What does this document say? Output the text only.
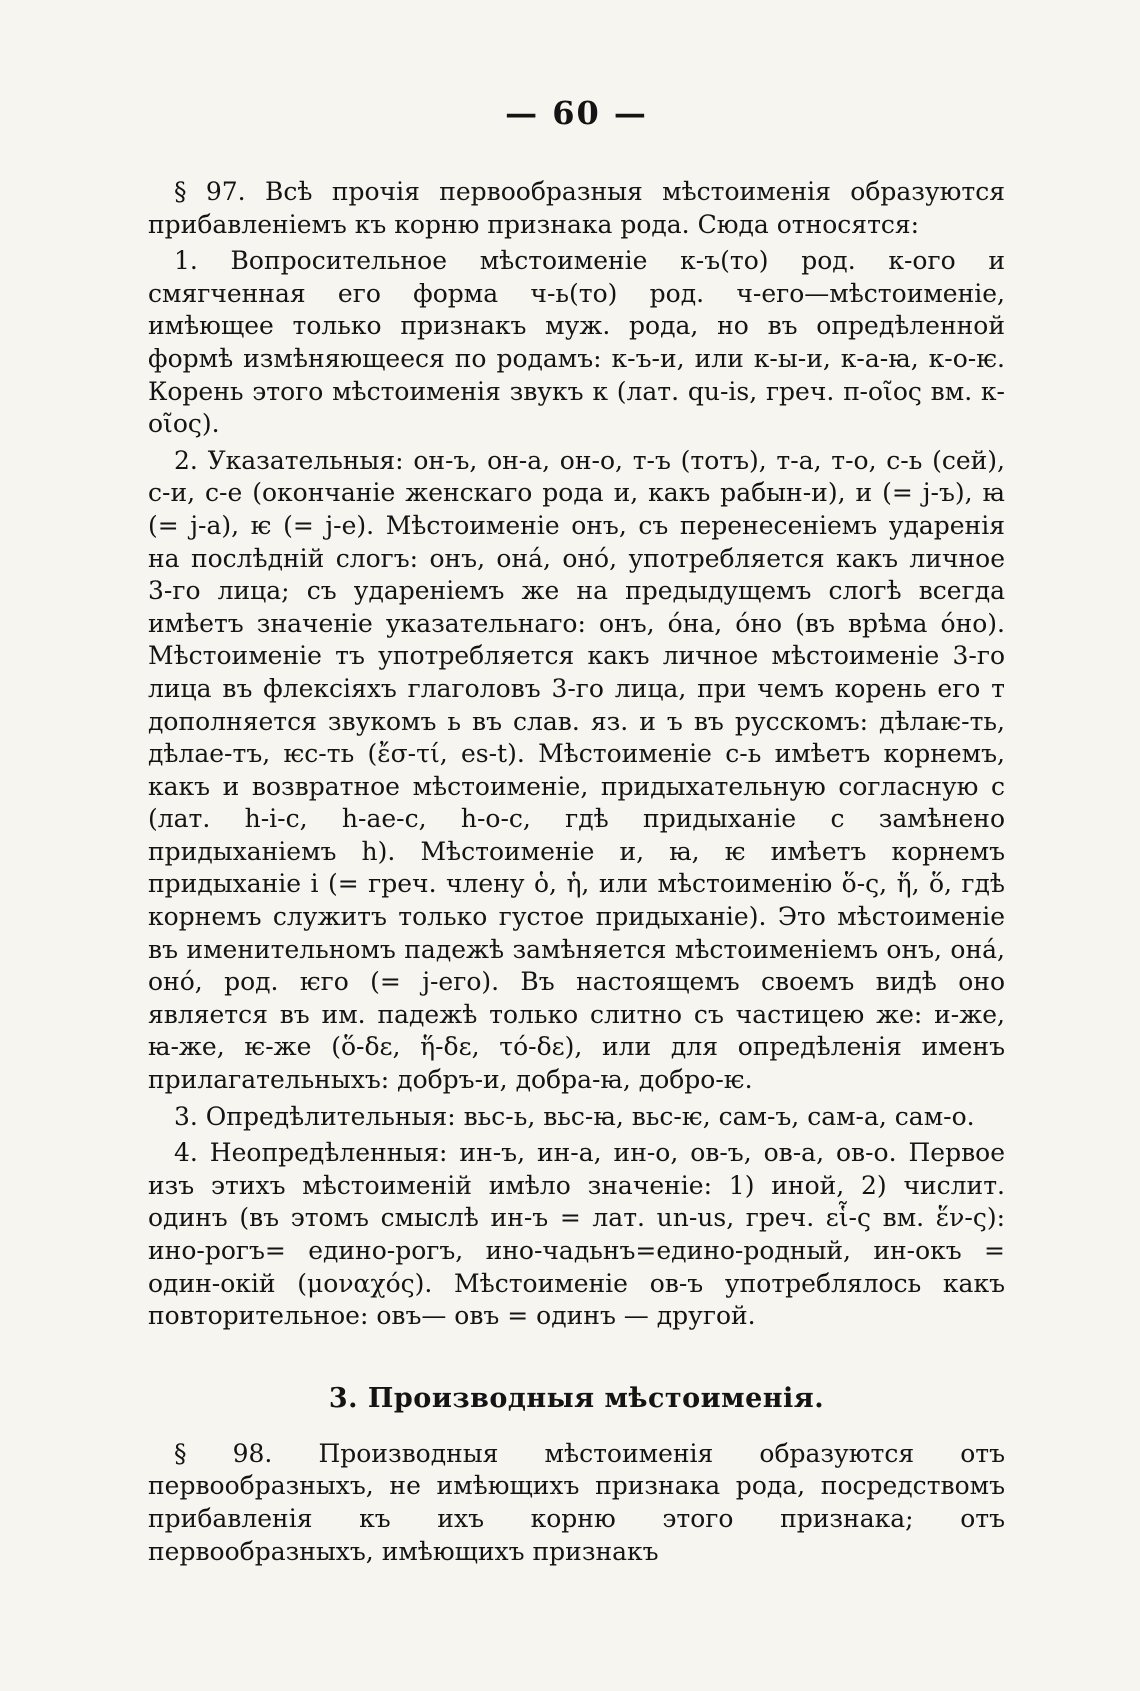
— 60 —

§ 97. Всѣ прочія первообразныя мѣстоименія образуются прибавленіемъ къ корню признака рода. Сюда относятся:

1. Вопросительное мѣстоименіе к-ъ(то) род. к-ого и смягченная его форма ч-ь(то) род. ч-его—мѣстоименіе, имѣющее только признакъ муж. рода, но въ опредѣленной формѣ измѣняющееся по родамъ: к-ъ-и, или к-ы-и, к-а-ꙗ, к-о-ѥ. Корень этого мѣстоименія звукъ к (лат. qu-is, греч. π-οῖος вм. κ-οῖος).

2. Указательныя: он-ъ, он-а, он-о, т-ъ (тотъ), т-а, т-о, с-ь (сей), с-и, с-е (окончаніе женскаго рода и, какъ рабын-и), и (= j-ъ), ꙗ (= j-а), ѥ (= j-е). Мѣстоименіе онъ, съ перенесеніемъ ударенія на послѣдній слогъ: онъ, она́, оно́, употребляется какъ личное 3-го лица; съ удареніемъ же на предыдущемъ слогѣ всегда имѣетъ значеніе указательнаго: онъ, о́на, о́но (въ врѣма о́но). Мѣстоименіе тъ употребляется какъ личное мѣстоименіе 3-го лица въ флексіяхъ глаголовъ 3-го лица, при чемъ корень его т дополняется звукомъ ь въ слав. яз. и ъ въ русскомъ: дѣлаѥ-ть, дѣлае-тъ, ѥс-ть (ἔσ-τί, es-t). Мѣстоименіе с-ь имѣетъ корнемъ, какъ и возвратное мѣстоименіе, придыхательную согласную с (лат. h-i-c, h-ae-c, h-o-c, гдѣ придыханіе с замѣнено придыханіемъ h). Мѣстоименіе и, ꙗ, ѥ имѣетъ корнемъ придыханіе і (= греч. члену ὁ, ἡ, или мѣстоименію ὅ-ς, ἥ, ὅ, гдѣ корнемъ служитъ только густое придыханіе). Это мѣстоименіе въ именительномъ падежѣ замѣняется мѣстоименіемъ онъ, она́, оно́, род. ѥго (= j-его). Въ настоящемъ своемъ видѣ оно является въ им. падежѣ только слитно съ частицею же: и-же, ꙗ-же, ѥ-же (ὅ-δε, ἥ-δε, τό-δε), или для опредѣленія именъ прилагательныхъ: добръ-и, добра-ꙗ, добро-ѥ.

3. Опредѣлительныя: вьс-ь, вьс-ꙗ, вьс-ѥ, сам-ъ, сам-а, сам-о.

4. Неопредѣленныя: ин-ъ, ин-а, ин-о, ов-ъ, ов-а, ов-о. Первое изъ этихъ мѣстоименій имѣло значеніе: 1) иной, 2) числит. одинъ (въ этомъ смыслѣ ин-ъ = лат. un-us, греч. εἷ-ς вм. ἕν-ς): ино-рогъ= едино-рогъ, ино-чадьнъ=едино-родный, ин-окъ = один-окій (μοναχός). Мѣстоименіе ов-ъ употреблялось какъ повторительное: овъ— овъ = одинъ — другой.

3. Производныя мѣстоименія.

§ 98. Производныя мѣстоименія образуются отъ первообразныхъ, не имѣющихъ признака рода, посредствомъ прибавленія къ ихъ корню этого признака; отъ первообразныхъ, имѣющихъ признакъ
